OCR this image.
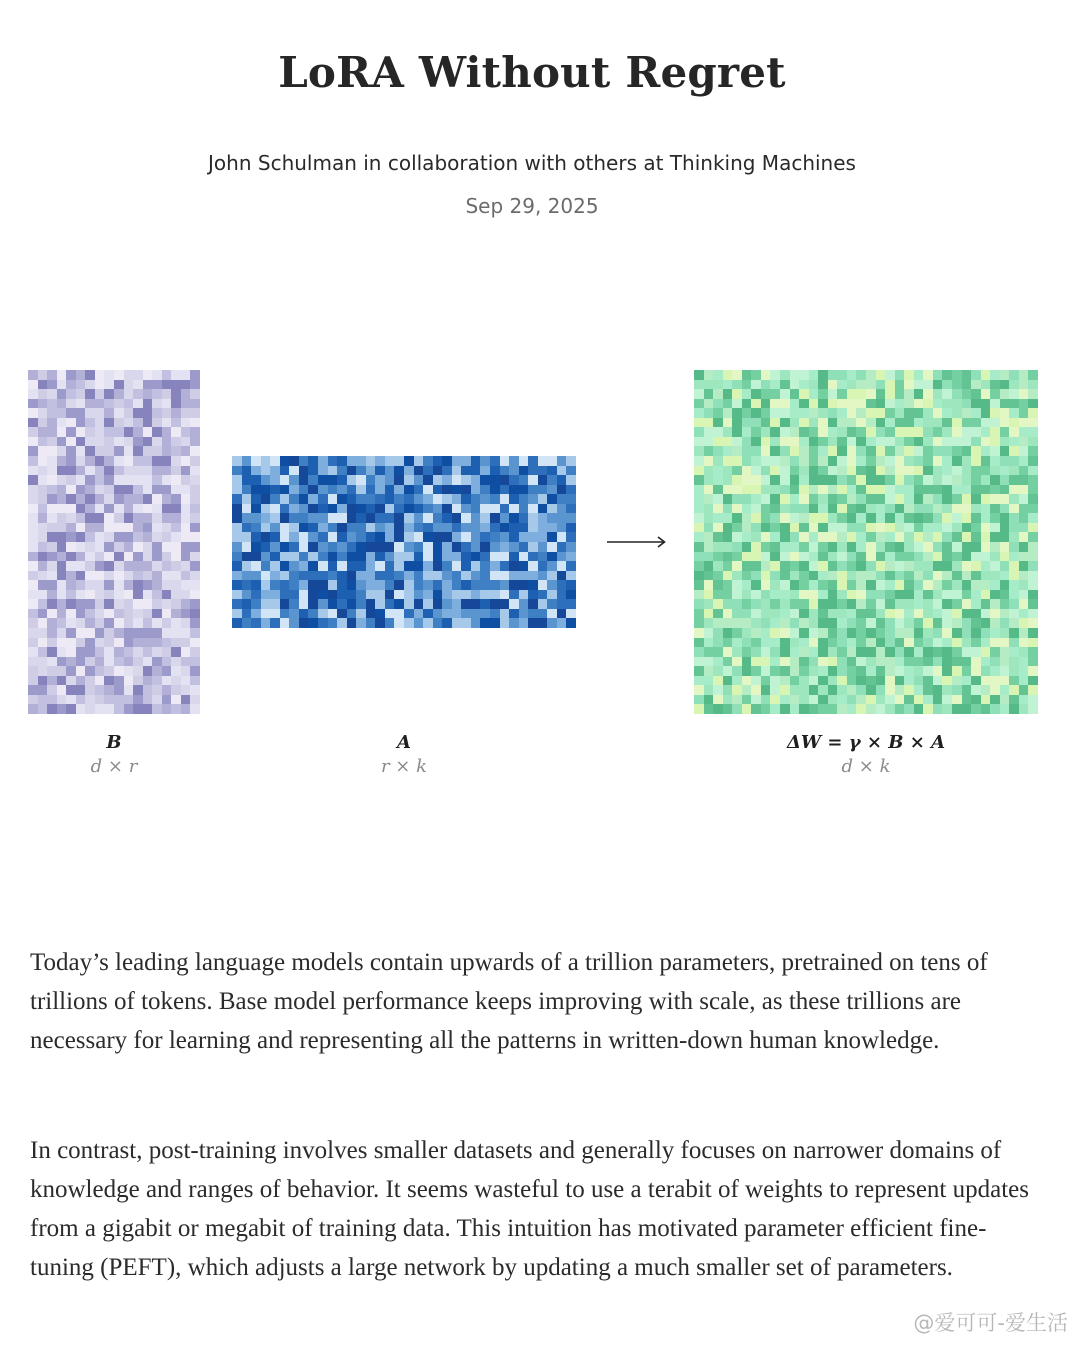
LoRA Without Regret
John Schulman in collaboration with others at Thinking Machines
Sep 29, 2025
B
d × r
A
r × k
ΔW = γ × B × A
d × k

Today’s leading language models contain upwards of a trillion parameters, pretrained on tens of trillions of tokens. Base model performance keeps improving with scale, as these trillions are necessary for learning and representing all the patterns in written-down human knowledge.

In contrast, post-training involves smaller datasets and generally focuses on narrower domains of knowledge and ranges of behavior. It seems wasteful to use a terabit of weights to represent updates from a gigabit or megabit of training data. This intuition has motivated parameter efficient fine-tuning (PEFT), which adjusts a large network by updating a much smaller set of parameters.

@爱可可-爱生活
